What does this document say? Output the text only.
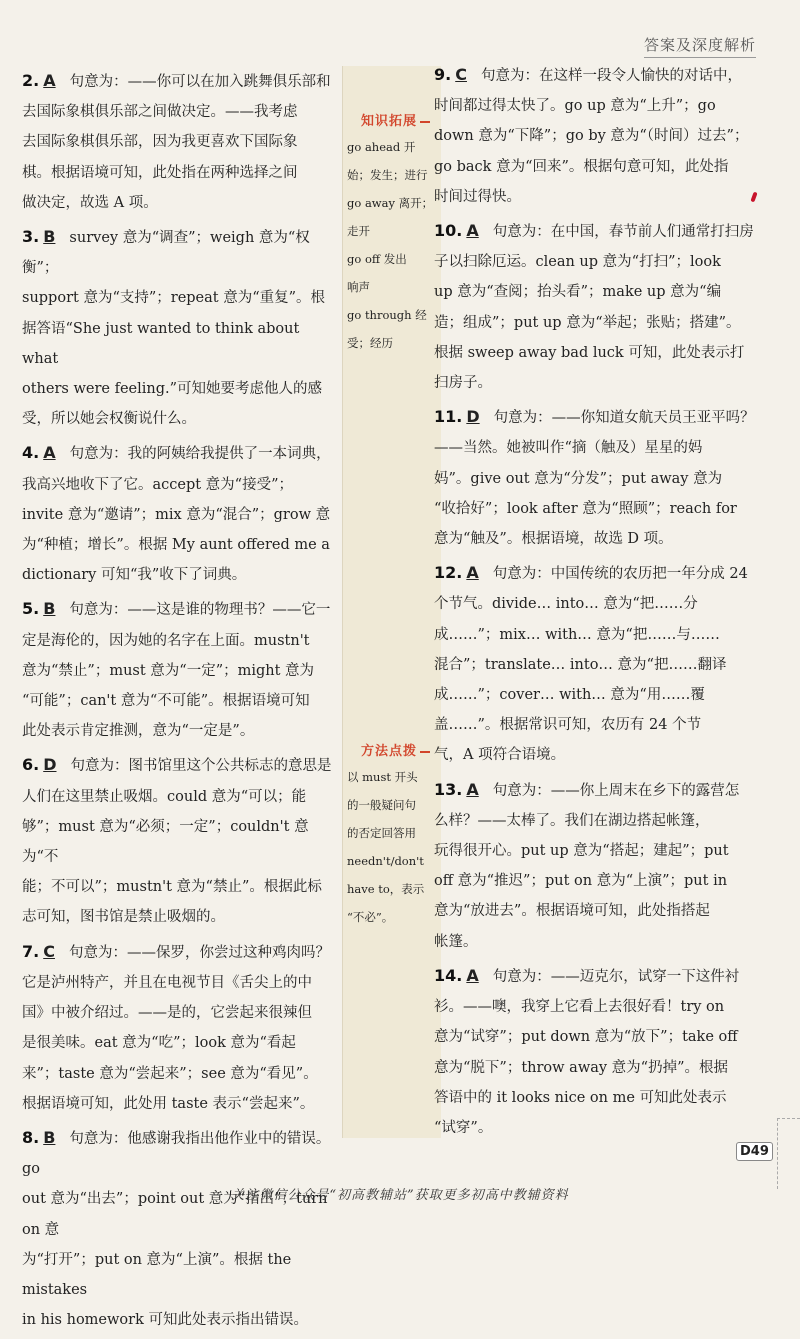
答案及深度解析

2. A 句意为：——你可以在加入跳舞俱乐部和

去国际象棋俱乐部之间做决定。——我考虑

去国际象棋俱乐部，因为我更喜欢下国际象

棋。根据语境可知，此处指在两种选择之间

做决定，故选 A 项。

3. B survey 意为“调查”；weigh 意为“权衡”；

support 意为“支持”；repeat 意为“重复”。根

据答语“She just wanted to think about what

others were feeling.”可知她要考虑他人的感

受，所以她会权衡说什么。

4. A 句意为：我的阿姨给我提供了一本词典，

我高兴地收下了它。accept 意为“接受”；

invite 意为“邀请”；mix 意为“混合”；grow 意

为“种植；增长”。根据 My aunt offered me a

dictionary 可知“我”收下了词典。

5. B 句意为：——这是谁的物理书？——它一

定是海伦的，因为她的名字在上面。mustn't

意为“禁止”；must 意为“一定”；might 意为

“可能”；can't 意为“不可能”。根据语境可知

此处表示肯定推测，意为“一定是”。

6. D 句意为：图书馆里这个公共标志的意思是

人们在这里禁止吸烟。could 意为“可以；能

够”；must 意为“必须；一定”；couldn't 意为“不

能；不可以”；mustn't 意为“禁止”。根据此标

志可知，图书馆是禁止吸烟的。

7. C 句意为：——保罗，你尝过这种鸡肉吗？

它是泸州特产，并且在电视节目《舌尖上的中

国》中被介绍过。——是的，它尝起来很辣但

是很美味。eat 意为“吃”；look 意为“看起

来”；taste 意为“尝起来”；see 意为“看见”。

根据语境可知，此处用 taste 表示“尝起来”。

8. B 句意为：他感谢我指出他作业中的错误。go

out 意为“出去”；point out 意为“指出”；turn on 意

为“打开”；put on 意为“上演”。根据 the mistakes

in his homework 可知此处表示指出错误。

知识拓展

go ahead 开

始；发生；进行

go away 离开；

走开

go off 发出

响声

go through 经

受；经历

方法点拨

以 must 开头

的一般疑问句

的否定回答用

needn't/don't

have to，表示

“不必”。

9. C 句意为：在这样一段令人愉快的对话中，

时间都过得太快了。go up 意为“上升”；go

down 意为“下降”；go by 意为“（时间）过去”；

go back 意为“回来”。根据句意可知，此处指

时间过得快。

10. A 句意为：在中国，春节前人们通常打扫房

子以扫除厄运。clean up 意为“打扫”；look

up 意为“查阅；抬头看”；make up 意为“编

造；组成”；put up 意为“举起；张贴；搭建”。

根据 sweep away bad luck 可知，此处表示打

扫房子。

11. D 句意为：——你知道女航天员王亚平吗？

——当然。她被叫作“摘（触及）星星的妈

妈”。give out 意为“分发”；put away 意为

“收拾好”；look after 意为“照顾”；reach for

意为“触及”。根据语境，故选 D 项。

12. A 句意为：中国传统的农历把一年分成 24

个节气。divide… into… 意为“把……分

成……”；mix… with… 意为“把……与……

混合”；translate… into… 意为“把……翻译

成……”；cover… with… 意为“用……覆

盖……”。根据常识可知，农历有 24 个节

气，A 项符合语境。

13. A 句意为：——你上周末在乡下的露营怎

么样？——太棒了。我们在湖边搭起帐篷，

玩得很开心。put up 意为“搭起；建起”；put

off 意为“推迟”；put on 意为“上演”；put in

意为“放进去”。根据语境可知，此处指搭起

帐篷。

14. A 句意为：——迈克尔，试穿一下这件衬

衫。——噢，我穿上它看上去很好看！try on

意为“试穿”；put down 意为“放下”；take off

意为“脱下”；throw away 意为“扔掉”。根据

答语中的 it looks nice on me 可知此处表示

“试穿”。

D49
关注微信公众号“初高教辅站”获取更多初高中教辅资料
